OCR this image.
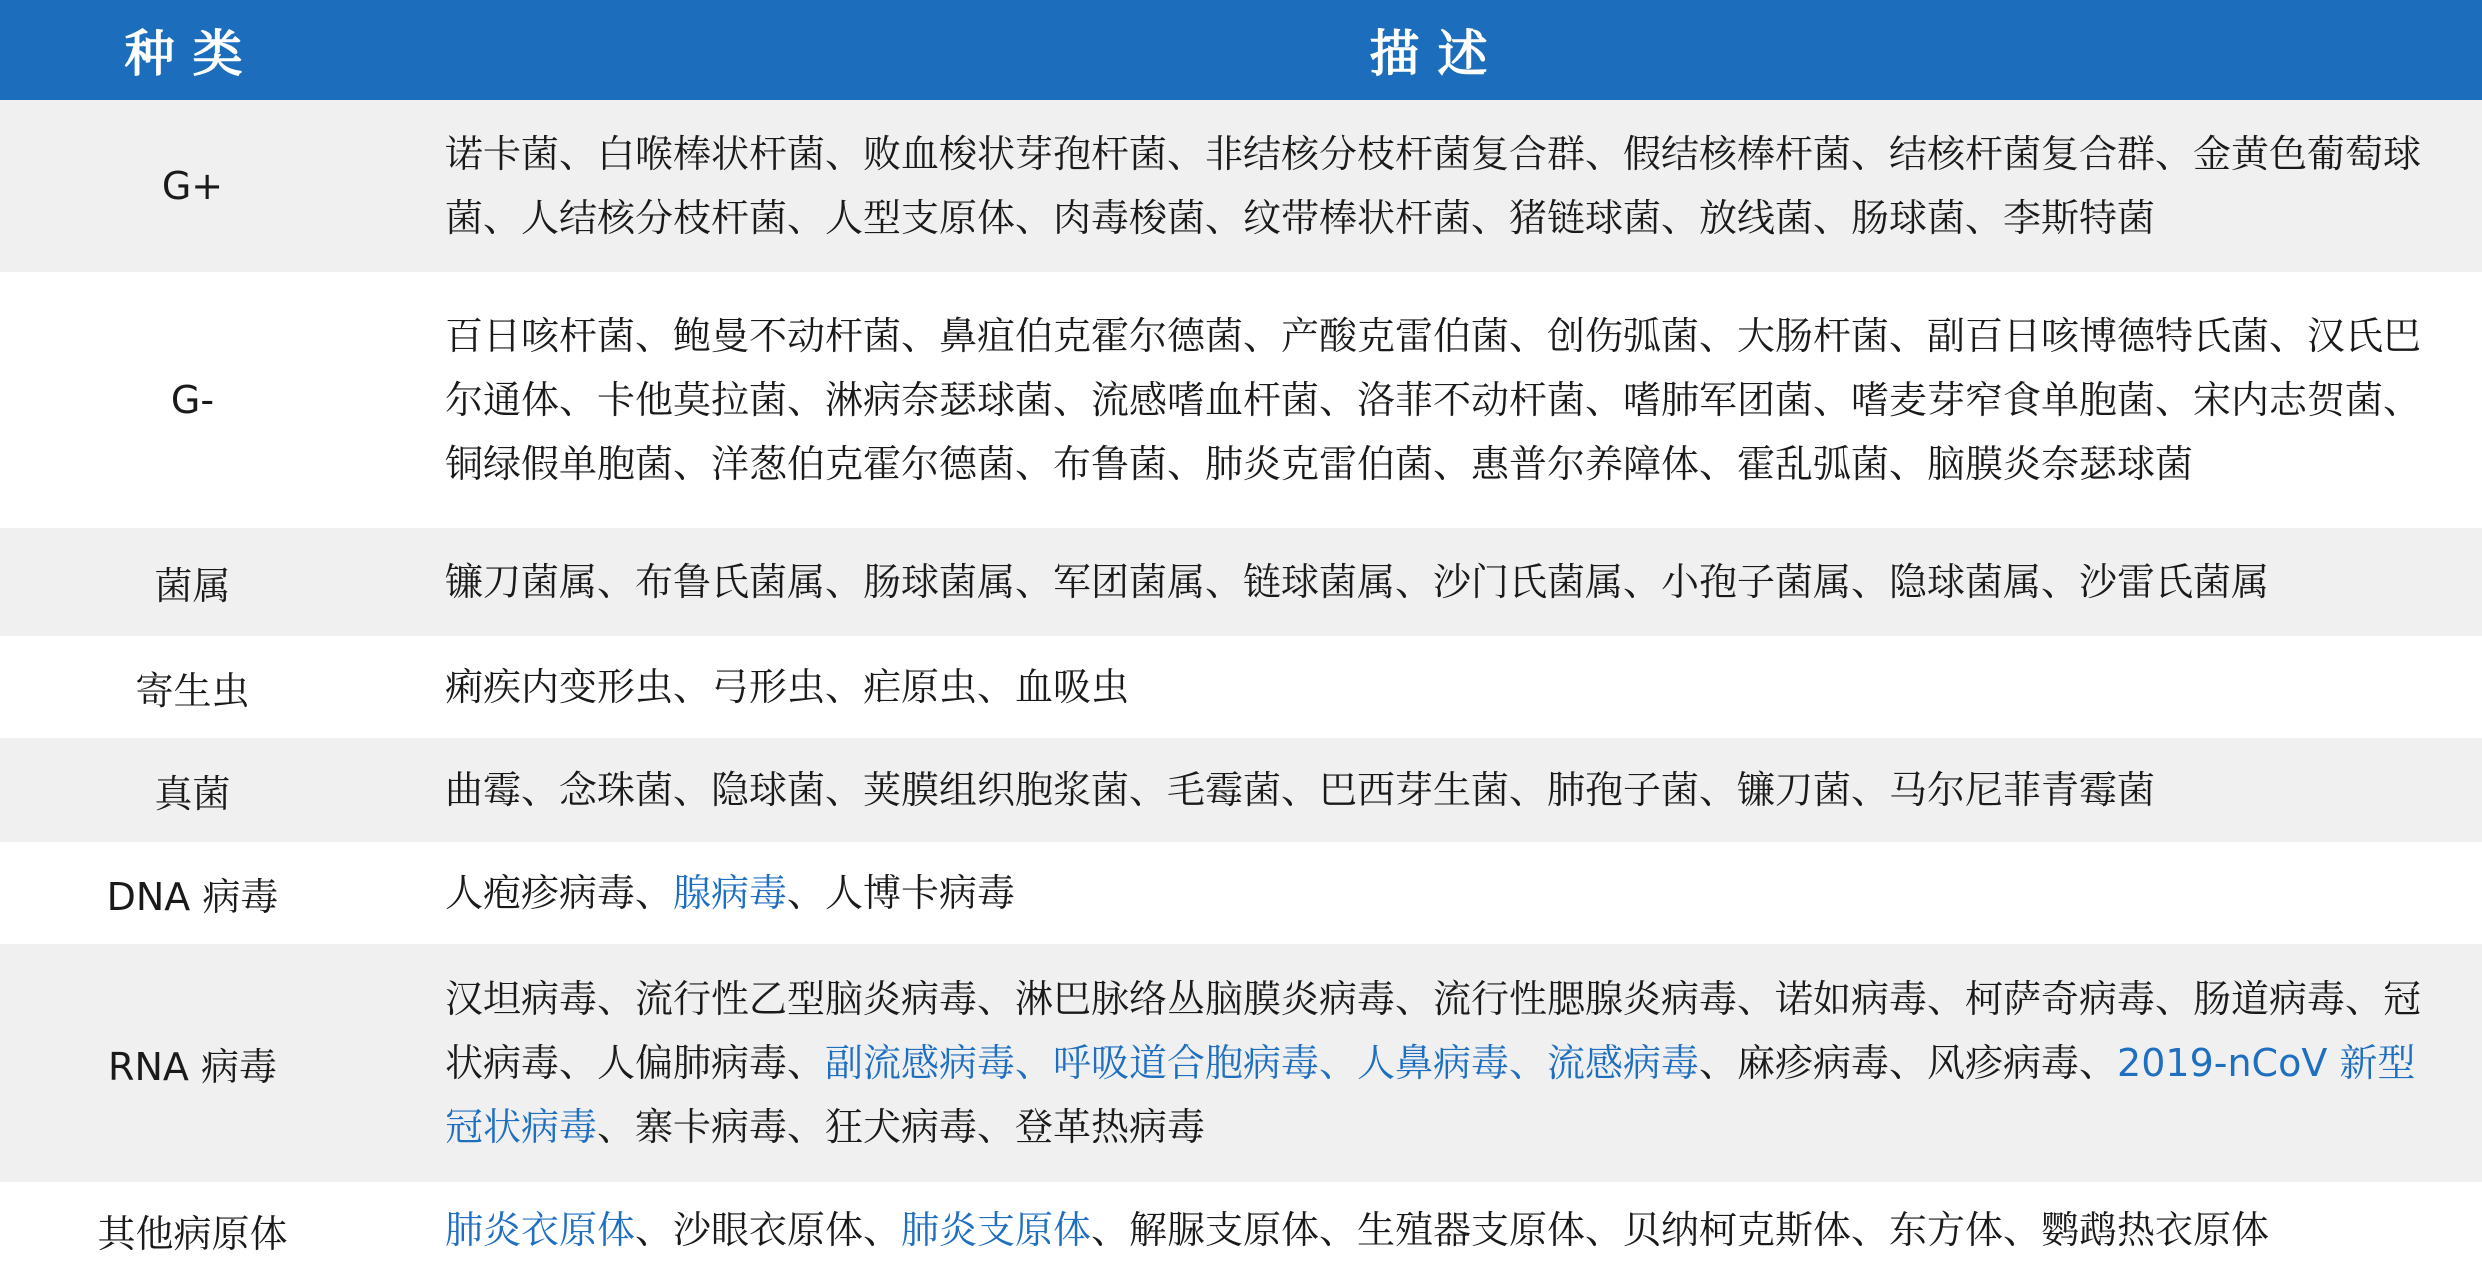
种类	描述
G+	诺卡菌、白喉棒状杆菌、败血梭状芽孢杆菌、非结核分枝杆菌复合群、假结核棒杆菌、结核杆菌复合群、金黄色葡萄球菌、人结核分枝杆菌、人型支原体、肉毒梭菌、纹带棒状杆菌、猪链球菌、放线菌、肠球菌、李斯特菌
G-	百日咳杆菌、鲍曼不动杆菌、鼻疽伯克霍尔德菌、产酸克雷伯菌、创伤弧菌、大肠杆菌、副百日咳博德特氏菌、汉氏巴尔通体、卡他莫拉菌、淋病奈瑟球菌、流感嗜血杆菌、洛菲不动杆菌、嗜肺军团菌、嗜麦芽窄食单胞菌、宋内志贺菌、铜绿假单胞菌、洋葱伯克霍尔德菌、布鲁菌、肺炎克雷伯菌、惠普尔养障体、霍乱弧菌、脑膜炎奈瑟球菌
菌属	镰刀菌属、布鲁氏菌属、肠球菌属、军团菌属、链球菌属、沙门氏菌属、小孢子菌属、隐球菌属、沙雷氏菌属
寄生虫	痢疾内变形虫、弓形虫、疟原虫、血吸虫
真菌	曲霉、念珠菌、隐球菌、荚膜组织胞浆菌、毛霉菌、巴西芽生菌、肺孢子菌、镰刀菌、马尔尼菲青霉菌
DNA 病毒	人疱疹病毒、腺病毒、人博卡病毒
RNA 病毒	汉坦病毒、流行性乙型脑炎病毒、淋巴脉络丛脑膜炎病毒、流行性腮腺炎病毒、诺如病毒、柯萨奇病毒、肠道病毒、冠状病毒、人偏肺病毒、副流感病毒、呼吸道合胞病毒、人鼻病毒、流感病毒、麻疹病毒、风疹病毒、2019-nCoV 新型冠状病毒、寨卡病毒、狂犬病毒、登革热病毒
其他病原体	肺炎衣原体、沙眼衣原体、肺炎支原体、解脲支原体、生殖器支原体、贝纳柯克斯体、东方体、鹦鹉热衣原体
